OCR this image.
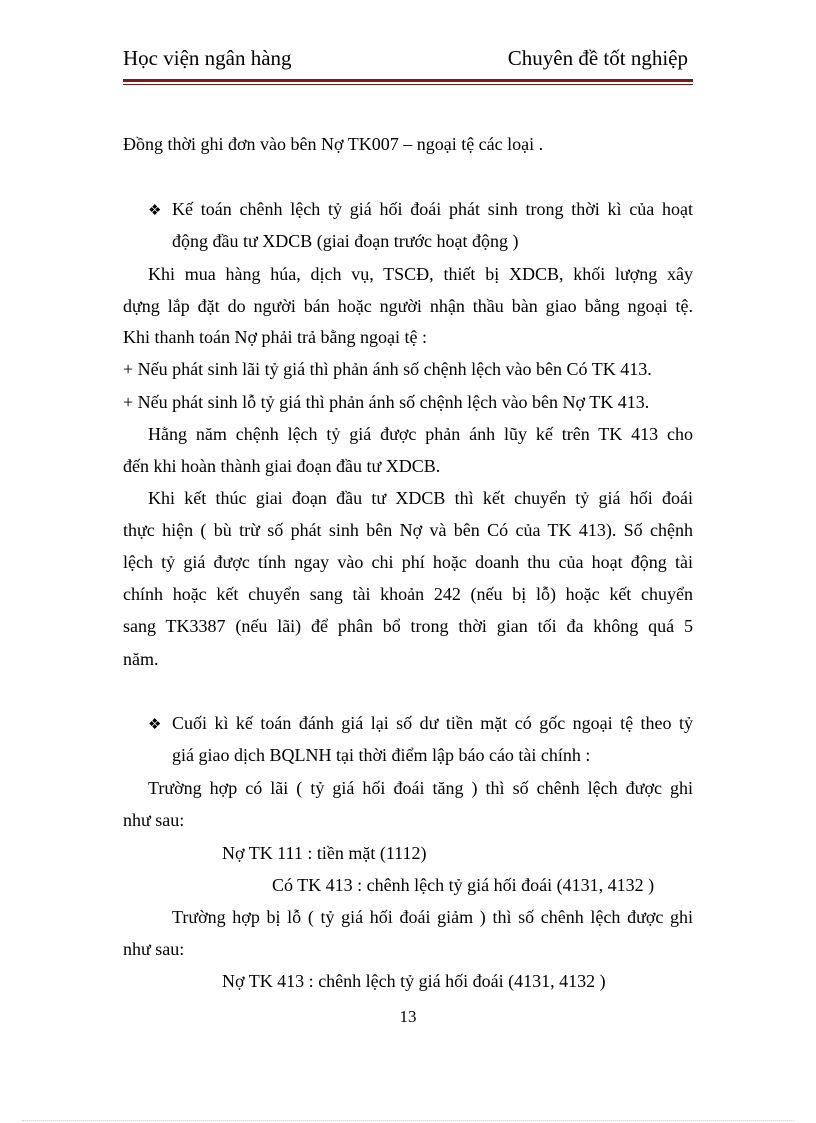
Học viện ngân hàng	Chuyên đề tốt nghiệp
Đồng thời ghi đơn vào bên Nợ TK007 – ngoại tệ các loại .
❖ Kế toán chênh lệch tỷ giá hối đoái phát sinh trong thời kì của hoạt
động đầu tư XDCB (giai đoạn trước hoạt động )
Khi mua hàng húa, dịch vụ, TSCĐ, thiết bị XDCB, khối lượng xây
dựng lắp đặt do người bán hoặc người nhận thầu bàn giao bằng ngoại tệ.
Khi thanh toán Nợ phải trả bằng ngoại tệ :
+ Nếu phát sinh lãi tỷ giá thì phản ánh số chệnh lệch vào bên Có TK 413.
+ Nếu phát sinh lỗ tỷ giá thì phản ánh số chệnh lệch vào bên Nợ TK 413.
Hằng năm chệnh lệch tỷ giá được phản ánh lũy kế trên TK 413 cho
đến khi hoàn thành giai đoạn đầu tư XDCB.
Khi kết thúc giai đoạn đầu tư XDCB thì kết chuyển tỷ giá hối đoái
thực hiện ( bù trừ số phát sinh bên Nợ và bên Có của TK 413). Số chệnh
lệch tỷ giá được tính ngay vào chi phí hoặc doanh thu của hoạt động tài
chính hoặc kết chuyển sang tài khoản 242 (nếu bị lỗ) hoặc kết chuyển
sang TK3387 (nếu lãi) để phân bổ trong thời gian tối đa không quá 5
năm.
❖ Cuối kì kế toán đánh giá lại số dư tiền mặt có gốc ngoại tệ theo tỷ
giá giao dịch BQLNH tại thời điểm lập báo cáo tài chính :
Trường hợp có lãi ( tỷ giá hối đoái tăng ) thì số chênh lệch được ghi
như sau:
Nợ TK 111 : tiền mặt (1112)
Có TK 413 : chênh lệch tỷ giá hối đoái (4131, 4132 )
Trường hợp bị lỗ ( tỷ giá hối đoái giảm ) thì số chênh lệch được ghi
như sau:
Nợ TK 413 : chênh lệch tỷ giá hối đoái (4131, 4132 )
13
